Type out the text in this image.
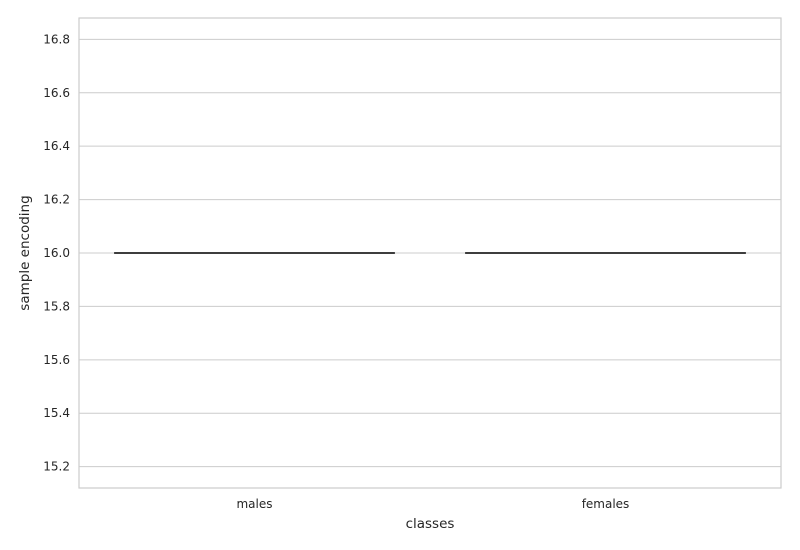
15.2
15.4
15.6
15.8
16.0
16.2
16.4
16.6
16.8
males	females
classes
sample encoding
